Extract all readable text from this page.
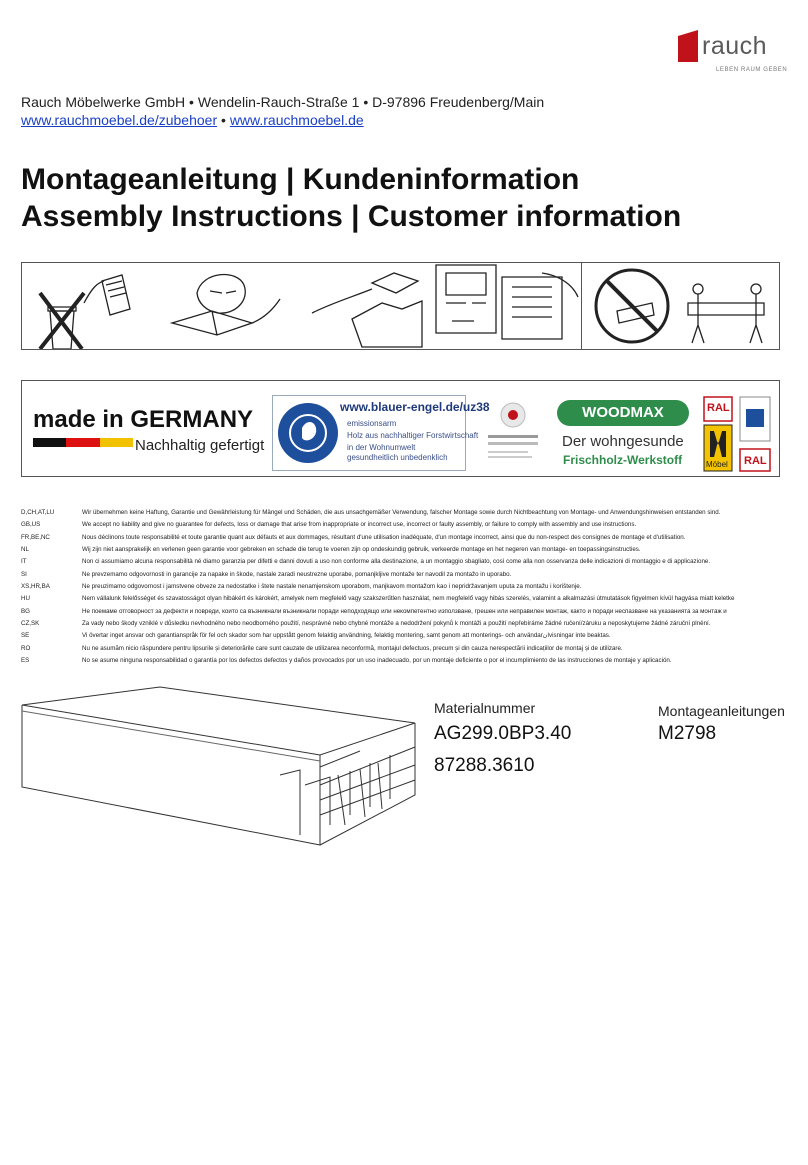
rauch
LEBEN RAUM GEBEN
Rauch Möbelwerke GmbH • Wendelin-Rauch-Straße 1 • D-97896 Freudenberg/Main
www.rauchmoebel.de/zubehoer • www.rauchmoebel.de
Montageanleitung | Kundeninformation
Assembly Instructions | Customer information
made in GERMANY
Nachhaltig gefertigt
www.blauer-engel.de/uz38
emissionsarm
Holz aus nachhaltiger Forstwirtschaft
in der Wohnumwelt gesundheitlich unbedenklich
WOODMAX
Der wohngesunde
Frischholz-Werkstoff
RAL
Möbel RAL
D,CH,AT,LU	Wir übernehmen keine Haftung, Garantie und Gewährleistung für Mängel und Schäden, die aus unsachgemäßer Verwendung, falscher Montage sowie durch Nichtbeachtung von Montage- und Anwendungshinweisen entstanden sind.
GB,US	We accept no liability and give no guarantee for defects, loss or damage that arise from inappropriate or incorrect use, incorrect or faulty assembly, or failure to comply with assembly and use instructions.
FR,BE,NC	Nous déclinons toute responsabilité et toute garantie quant aux défauts et aux dommages, résultant d'une utilisation inadéquate, d'un montage incorrect, ainsi que du non-respect des consignes de montage et d'utilisation.
NL	Wij zijn niet aansprakelijk en verlenen geen garantie voor gebreken en schade die terug te voeren zijn op ondeskundig gebruik, verkeerde montage en het negeren van montage- en toepassingsinstructies.
IT	Non ci assumiamo alcuna responsabilità né diamo garanzia per difetti e danni dovuti a uso non conforme alla destinazione, a un montaggio sbagliato, così come alla non osservanza delle indicazioni di montaggio e di applicazione.
SI	Ne prevzemamo odgovornosti in garancije za napake in škode, nastale zaradi neustrezne uporabe, pomanjkljive montaže ter navodil za montažo in uporabo.
XS,HR,BA	Ne preuzimamo odgovornost i jamstvene obveze za nedostatke i štete nastale nenamjenskom uporabom, manjkavom montažom kao i nepridržavanjem uputa za montažu i korištenje.
HU	Nem vállalunk felelősséget és szavatosságot olyan hibákért és károkért, amelyek nem megfelelő vagy szakszerűtlen használat, nem megfelelő vagy hibás szerelés, valamint a alkalmazási útmutatások figyelmen kívül hagyása miatt keletke
BG	Не поемаме отговорност за дефекти и повреди, които са възникнали възникнали поради неподходящо или некомпетентно използване, грешен или неправилен монтаж, както и поради неспазване на указанията за монтаж и
CZ,SK	Za vady nebo škody vzniklé v důsledku nevhodného nebo neodborného použití, nesprávné nebo chybné montáže a nedodržení pokynů k montáži a použití nepřebíráme žádné ručení/záruku a neposkytujeme žádné záruční plnění.
SE	Vi övertar inget ansvar och garantianspråk för fel och skador som har uppstått genom felaktig användning, felaktig montering, samt genom att monterings- och användarانvisningar inte beaktas.
RO	Nu ne asumăm nicio răspundere pentru lipsurile și deteriorările care sunt cauzate de utilizarea neconformă, montajul defectuos, precum și din cauza nerespectării indicațiilor de montaj și de utilizare.
ES	No se asume ninguna responsabilidad o garantía por los defectos defectos y daños provocados por un uso inadecuado, por un montaje deficiente o por el incumplimiento de las instrucciones de montaje y aplicación.
Materialnummer
AG299.0BP3.40
87288.3610
Montageanleitungen
M2798
